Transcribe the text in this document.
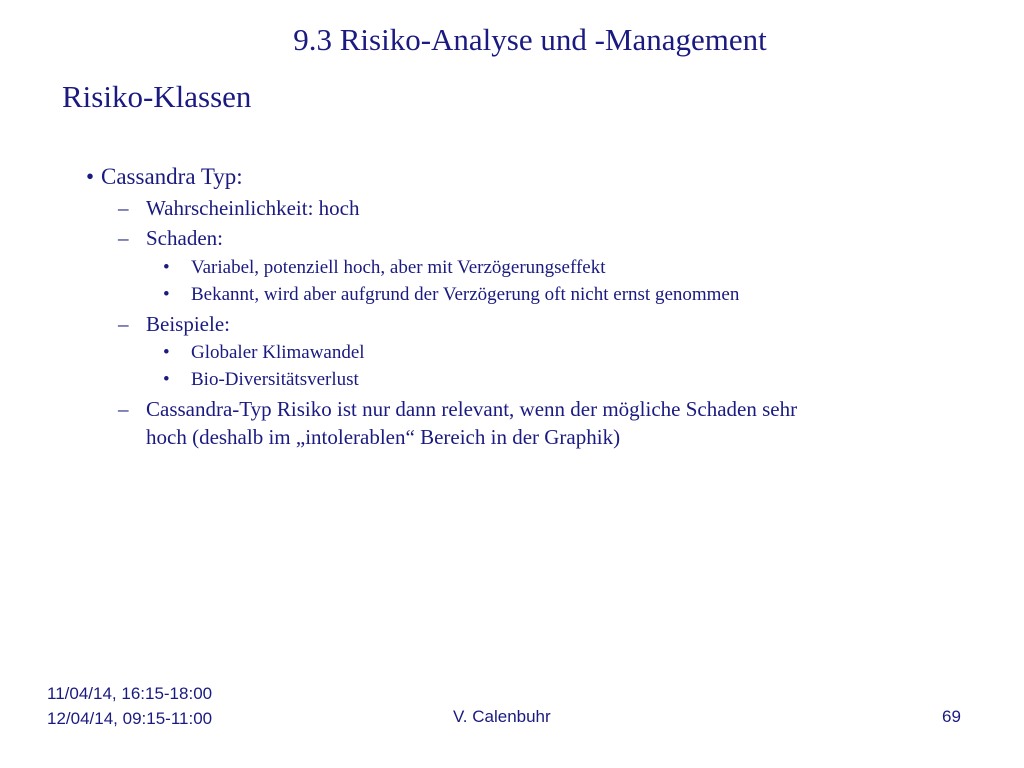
9.3 Risiko-Analyse und -Management
Risiko-Klassen
• Cassandra Typ:
– Wahrscheinlichkeit: hoch
– Schaden:
• Variabel, potenziell hoch, aber mit Verzögerungseffekt
• Bekannt, wird aber aufgrund der Verzögerung oft nicht ernst genommen
– Beispiele:
• Globaler Klimawandel
• Bio-Diversitätsverlust
– Cassandra-Typ Risiko ist nur dann relevant, wenn der mögliche Schaden sehr
hoch (deshalb im „intolerablen“ Bereich in der Graphik)
11/04/14, 16:15-18:00
12/04/14, 09:15-11:00	V. Calenbuhr	69
